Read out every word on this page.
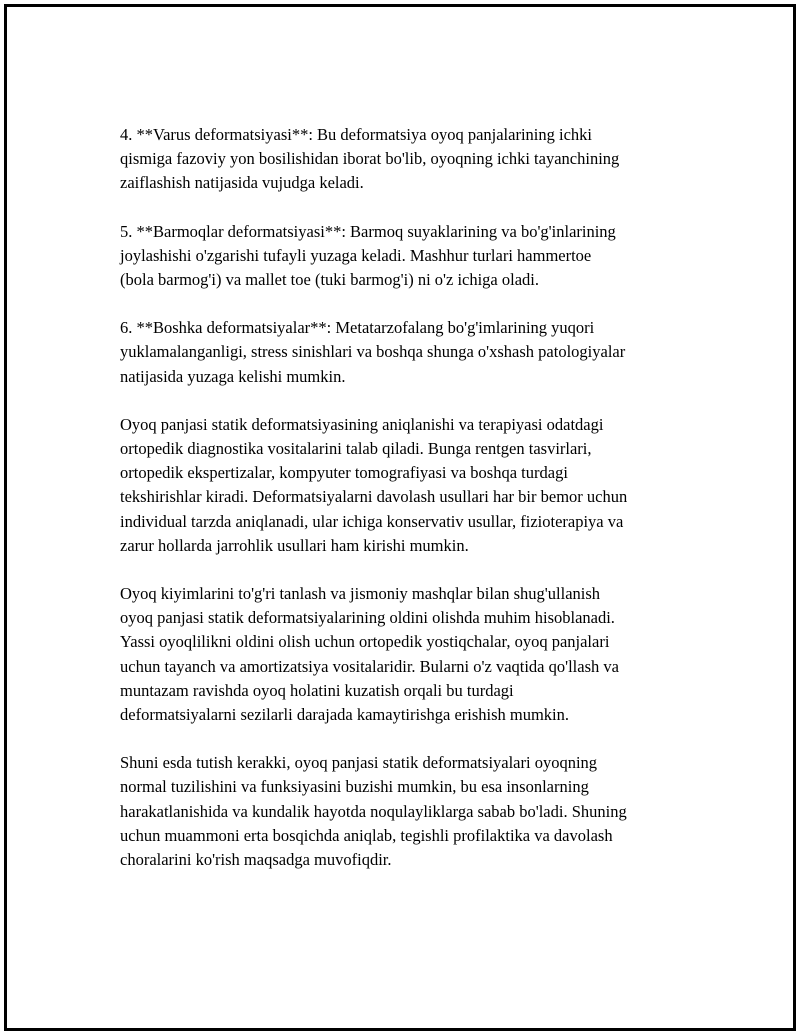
4. **Varus deformatsiyasi**: Bu deformatsiya oyoq panjalarining ichki
qismiga fazoviy yon bosilishidan iborat bo'lib, oyoqning ichki tayanchining
zaiflashish natijasida vujudga keladi.

5. **Barmoqlar deformatsiyasi**: Barmoq suyaklarining va bo'g'inlarining
joylashishi o'zgarishi tufayli yuzaga keladi. Mashhur turlari hammertoe
(bola barmog'i) va mallet toe (tuki barmog'i) ni o'z ichiga oladi.

6. **Boshka deformatsiyalar**: Metatarzofalang bo'g'imlarining yuqori
yuklamalanganligi, stress sinishlari va boshqa shunga o'xshash patologiyalar
natijasida yuzaga kelishi mumkin.

Oyoq panjasi statik deformatsiyasining aniqlanishi va terapiyasi odatdagi
ortopedik diagnostika vositalarini talab qiladi. Bunga rentgen tasvirlari,
ortopedik ekspertizalar, kompyuter tomografiyasi va boshqa turdagi
tekshirishlar kiradi. Deformatsiyalarni davolash usullari har bir bemor uchun
individual tarzda aniqlanadi, ular ichiga konservativ usullar, fizioterapiya va
zarur hollarda jarrohlik usullari ham kirishi mumkin.

Oyoq kiyimlarini to'g'ri tanlash va jismoniy mashqlar bilan shug'ullanish
oyoq panjasi statik deformatsiyalarining oldini olishda muhim hisoblanadi.
Yassi oyoqlilikni oldini olish uchun ortopedik yostiqchalar, oyoq panjalari
uchun tayanch va amortizatsiya vositalaridir. Bularni o'z vaqtida qo'llash va
muntazam ravishda oyoq holatini kuzatish orqali bu turdagi
deformatsiyalarni sezilarli darajada kamaytirishga erishish mumkin.

Shuni esda tutish kerakki, oyoq panjasi statik deformatsiyalari oyoqning
normal tuzilishini va funksiyasini buzishi mumkin, bu esa insonlarning
harakatlanishida va kundalik hayotda noqulayliklarga sabab bo'ladi. Shuning
uchun muammoni erta bosqichda aniqlab, tegishli profilaktika va davolash
choralarini ko'rish maqsadga muvofiqdir.
